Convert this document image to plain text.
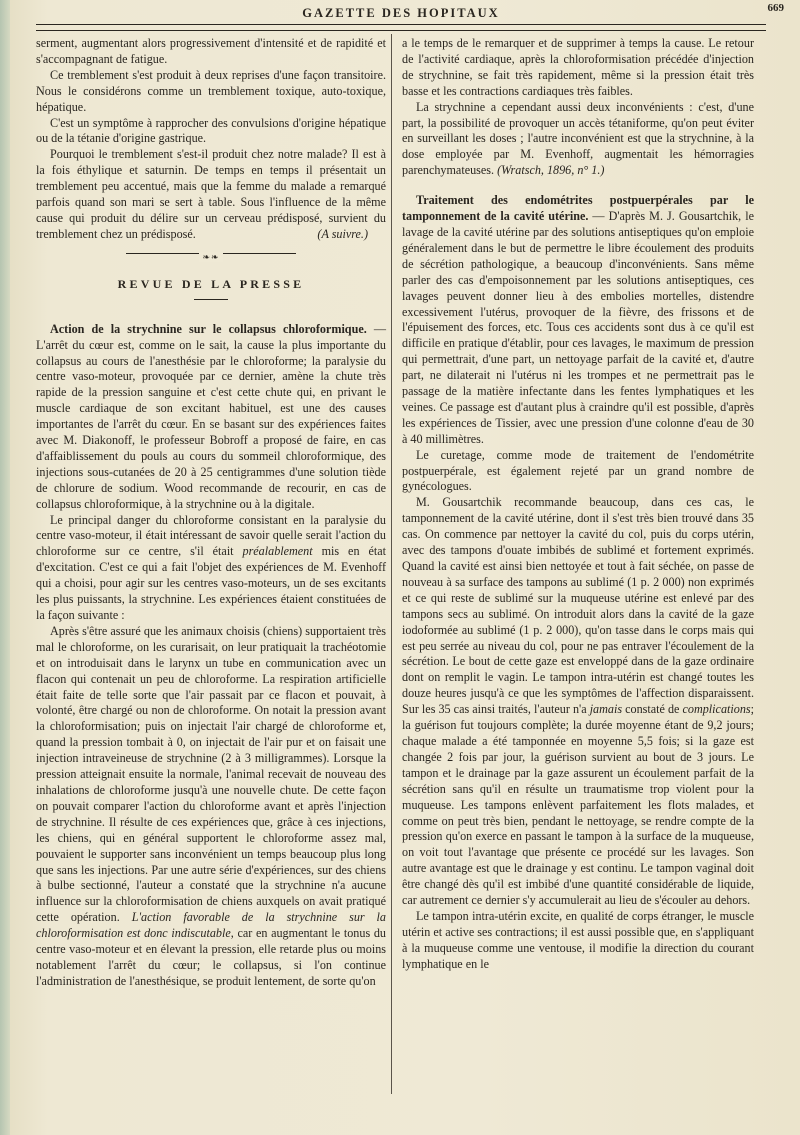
GAZETTE DES HOPITAUX	669

serment, augmentant alors progressivement d'intensité et de rapidité et s'accompagnant de fatigue.

Ce tremblement s'est produit à deux reprises d'une façon transitoire. Nous le considérons comme un tremblement toxique, auto-toxique, hépatique.

C'est un symptôme à rapprocher des convulsions d'origine hépatique ou de la tétanie d'origine gastrique.

Pourquoi le tremblement s'est-il produit chez notre malade? Il est à la fois éthylique et saturnin. De temps en temps il présentait un tremblement peu accentué, mais que la femme du malade a remarqué parfois quand son mari se sert à table. Sous l'influence de la même cause qui produit du délire sur un cerveau prédisposé, survient du tremblement chez un prédisposé.	(A suivre.)

❧❧
REVUE DE LA PRESSE

Action de la strychnine sur le collapsus chloroformique. — L'arrêt du cœur est, comme on le sait, la cause la plus importante du collapsus au cours de l'anesthésie par le chloroforme; la paralysie du centre vaso-moteur, provoquée par ce dernier, amène la chute très rapide de la pression sanguine et c'est cette chute qui, en privant le muscle cardiaque de son excitant habituel, est une des causes importantes de l'arrêt du cœur. En se basant sur des expériences faites avec M. Diakonoff, le professeur Bobroff a proposé de faire, en cas d'affaiblissement du pouls au cours du sommeil chloroformique, des injections sous-cutanées de 20 à 25 centigrammes d'une solution tiède de chlorure de sodium. Wood recommande de recourir, en cas de collapsus chloroformique, à la strychnine ou à la digitale.

Le principal danger du chloroforme consistant en la paralysie du centre vaso-moteur, il était intéressant de savoir quelle serait l'action du chloroforme sur ce centre, s'il était préalablement mis en état d'excitation. C'est ce qui a fait l'objet des expériences de M. Evenhoff qui a choisi, pour agir sur les centres vaso-moteurs, un de ses excitants les plus puissants, la strychnine. Les expériences étaient constituées de la façon suivante :

Après s'être assuré que les animaux choisis (chiens) supportaient très mal le chloroforme, on les curarisait, on leur pratiquait la trachéotomie et on introduisait dans le larynx un tube en communication avec un flacon qui contenait un peu de chloroforme. La respiration artificielle était faite de telle sorte que l'air passait par ce flacon et pouvait, à volonté, être chargé ou non de chloroforme. On notait la pression avant la chloroformisation; puis on injectait l'air chargé de chloroforme et, quand la pression tombait à 0, on injectait de l'air pur et on faisait une injection intraveineuse de strychnine (2 à 3 milligrammes). Lorsque la pression atteignait ensuite la normale, l'animal recevait de nouveau des inhalations de chloroforme jusqu'à une nouvelle chute. De cette façon on pouvait comparer l'action du chloroforme avant et après l'injection de strychnine. Il résulte de ces expériences que, grâce à ces injections, les chiens, qui en général supportent le chloroforme assez mal, pouvaient le supporter sans inconvénient un temps beaucoup plus long que sans les injections. Par une autre série d'expériences, sur des chiens à bulbe sectionné, l'auteur a constaté que la strychnine n'a aucune influence sur la chloroformisation de chiens auxquels on avait pratiqué cette opération. L'action favorable de la strychnine sur la chloroformisation est donc indiscutable, car en augmentant le tonus du centre vaso-moteur et en élevant la pression, elle retarde plus ou moins notablement l'arrêt du cœur; le collapsus, si l'on continue l'administration de l'anesthésique, se produit lentement, de sorte qu'on

a le temps de le remarquer et de supprimer à temps la cause. Le retour de l'activité cardiaque, après la chloroformisation précédée d'injection de strychnine, se fait très rapidement, même si la pression était très basse et les contractions cardiaques très faibles.

La strychnine a cependant aussi deux inconvénients : c'est, d'une part, la possibilité de provoquer un accès tétaniforme, qu'on peut éviter en surveillant les doses ; l'autre inconvénient est que la strychnine, à la dose employée par M. Evenhoff, augmentait les hémorragies parenchymateuses. (Wratsch, 1896, n° 1.)

Traitement des endométrites postpuerpérales par le tamponnement de la cavité utérine. — D'après M. J. Gousartchik, le lavage de la cavité utérine par des solutions antiseptiques qu'on emploie généralement dans le but de permettre le libre écoulement des produits de sécrétion pathologique, a beaucoup d'inconvénients. Sans même parler des cas d'empoisonnement par les solutions antiseptiques, ces lavages peuvent donner lieu à des embolies mortelles, distendre excessivement l'utérus, provoquer de la fièvre, des frissons et de l'épuisement des forces, etc. Tous ces accidents sont dus à ce qu'il est difficile en pratique d'établir, pour ces lavages, le maximum de pression qui permettrait, d'une part, un nettoyage parfait de la cavité et, d'autre part, ne dilaterait ni l'utérus ni les trompes et ne permettrait pas le passage de la matière infectante dans les fentes lymphatiques et les veines. Ce passage est d'autant plus à craindre qu'il est possible, d'après les expériences de Tissier, avec une pression d'une colonne d'eau de 30 à 40 millimètres.

Le curetage, comme mode de traitement de l'endométrite postpuerpérale, est également rejeté par un grand nombre de gynécologues.

M. Gousartchik recommande beaucoup, dans ces cas, le tamponnement de la cavité utérine, dont il s'est très bien trouvé dans 35 cas. On commence par nettoyer la cavité du col, puis du corps utérin, avec des tampons d'ouate imbibés de sublimé et fortement exprimés. Quand la cavité est ainsi bien nettoyée et tout à fait séchée, on passe de nouveau à sa surface des tampons au sublimé (1 p. 2 000) non exprimés et ce qui reste de sublimé sur la muqueuse utérine est enlevé par des tampons secs au sublimé. On introduit alors dans la cavité de la gaze iodoformée au sublimé (1 p. 2 000), qu'on tasse dans le corps mais qui est peu serrée au niveau du col, pour ne pas entraver l'écoulement de la sécrétion. Le bout de cette gaze est enveloppé dans de la gaze ordinaire dont on remplit le vagin. Le tampon intra-utérin est changé toutes les douze heures jusqu'à ce que les symptômes de l'affection disparaissent. Sur les 35 cas ainsi traités, l'auteur n'a jamais constaté de complications; la guérison fut toujours complète; la durée moyenne étant de 9,2 jours; chaque malade a été tamponnée en moyenne 5,5 fois; si la gaze est changée 2 fois par jour, la guérison survient au bout de 3 jours. Le tampon et le drainage par la gaze assurent un écoulement parfait de la sécrétion sans qu'il en résulte un traumatisme trop violent pour la muqueuse. Les tampons enlèvent parfaitement les flots malades, et comme on peut très bien, pendant le nettoyage, se rendre compte de la pression qu'on exerce en passant le tampon à la surface de la muqueuse, on voit tout l'avantage que présente ce procédé sur les lavages. Son autre avantage est que le drainage y est continu. Le tampon vaginal doit être changé dès qu'il est imbibé d'une quantité considérable de liquide, car autrement ce dernier s'y accumulerait au lieu de s'écouler au dehors.

Le tampon intra-utérin excite, en qualité de corps étranger, le muscle utérin et active ses contractions; il est aussi possible que, en s'appliquant à la muqueuse comme une ventouse, il modifie la direction du courant lymphatique en le
